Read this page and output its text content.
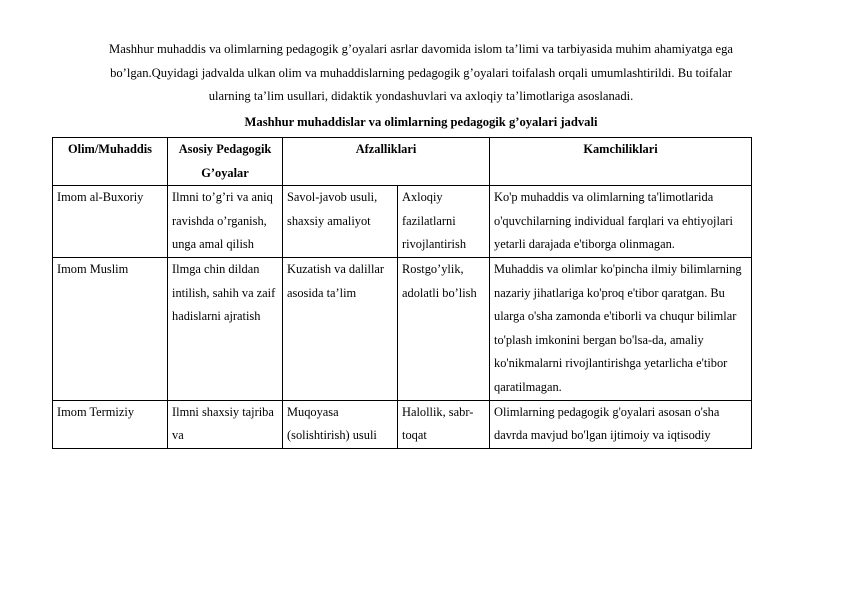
Mashhur muhaddis va olimlarning pedagogik g’oyalari asrlar davomida islom ta’limi va tarbiyasida muhim ahamiyatga ega
bo’lgan.Quyidagi jadvalda ulkan olim va muhaddislarning pedagogik g’oyalari toifalash orqali umumlashtirildi. Bu toifalar
ularning ta’lim usullari, didaktik yondashuvlari va axloqiy ta’limotlariga asoslanadi.

Mashhur muhaddislar va olimlarning pedagogik g’oyalari jadvali

Olim/Muhaddis	Asosiy Pedagogik G’oyalar	Afzalliklari		Kamchiliklari
Imom al-Buxoriy	Ilmni to’g’ri va aniq ravishda o’rganish, unga amal qilish	Savol-javob usuli, shaxsiy amaliyot	Axloqiy fazilatlarni rivojlantirish	Ko'p muhaddis va olimlarning ta'limotlarida o'quvchilarning individual farqlari va ehtiyojlari yetarli darajada e'tiborga olinmagan.
Imom Muslim	Ilmga chin dildan intilish, sahih va zaif hadislarni ajratish	Kuzatish va dalillar asosida ta’lim	Rostgo’ylik, adolatli bo’lish	Muhaddis va olimlar ko'pincha ilmiy bilimlarning nazariy jihatlariga ko'proq e'tibor qaratgan. Bu ularga o'sha zamonda e'tiborli va chuqur bilimlar to'plash imkonini bergan bo'lsa-da, amaliy ko'nikmalarni rivojlantirishga yetarlicha e'tibor qaratilmagan.
Imom Termiziy	Ilmni shaxsiy tajriba va	Muqoyasa (solishtirish) usuli	Halollik, sabr-toqat	Olimlarning pedagogik g'oyalari asosan o'sha davrda mavjud bo'lgan ijtimoiy va iqtisodiy
